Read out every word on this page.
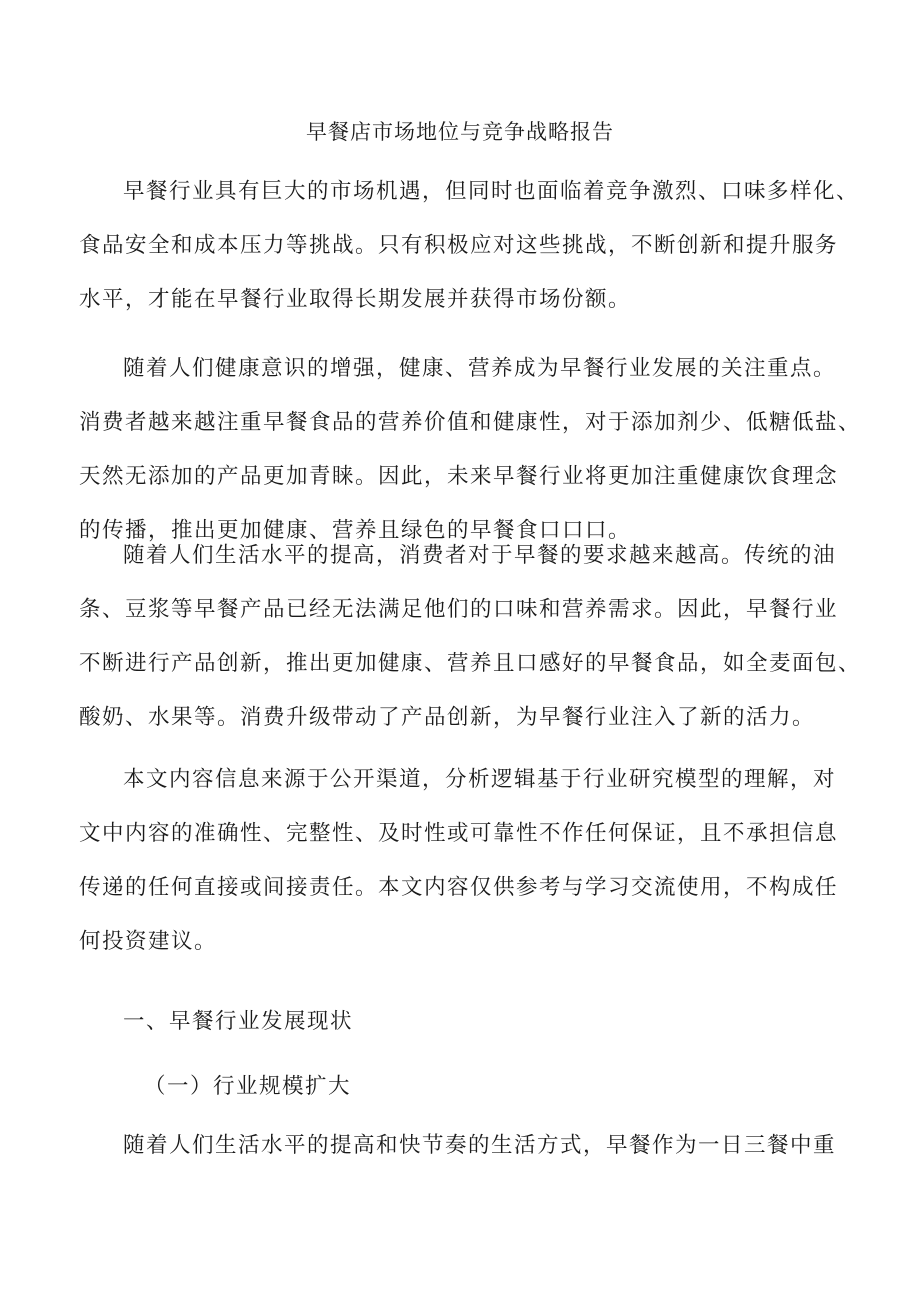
早餐店市场地位与竞争战略报告

早餐行业具有巨大的市场机遇，但同时也面临着竞争激烈、口味多样化、
食品安全和成本压力等挑战。只有积极应对这些挑战，不断创新和提升服务
水平，才能在早餐行业取得长期发展并获得市场份额。

随着人们健康意识的增强，健康、营养成为早餐行业发展的关注重点。
消费者越来越注重早餐食品的营养价值和健康性，对于添加剂少、低糖低盐、
天然无添加的产品更加青睐。因此，未来早餐行业将更加注重健康饮食理念
的传播，推出更加健康、营养且绿色的早餐食口口口。

随着人们生活水平的提高，消费者对于早餐的要求越来越高。传统的油
条、豆浆等早餐产品已经无法满足他们的口味和营养需求。因此，早餐行业
不断进行产品创新，推出更加健康、营养且口感好的早餐食品，如全麦面包、
酸奶、水果等。消费升级带动了产品创新，为早餐行业注入了新的活力。

本文内容信息来源于公开渠道，分析逻辑基于行业研究模型的理解，对
文中内容的准确性、完整性、及时性或可靠性不作任何保证，且不承担信息
传递的任何直接或间接责任。本文内容仅供参考与学习交流使用，不构成任
何投资建议。

一、早餐行业发展现状
（一）行业规模扩大

随着人们生活水平的提高和快节奏的生活方式，早餐作为一日三餐中重
